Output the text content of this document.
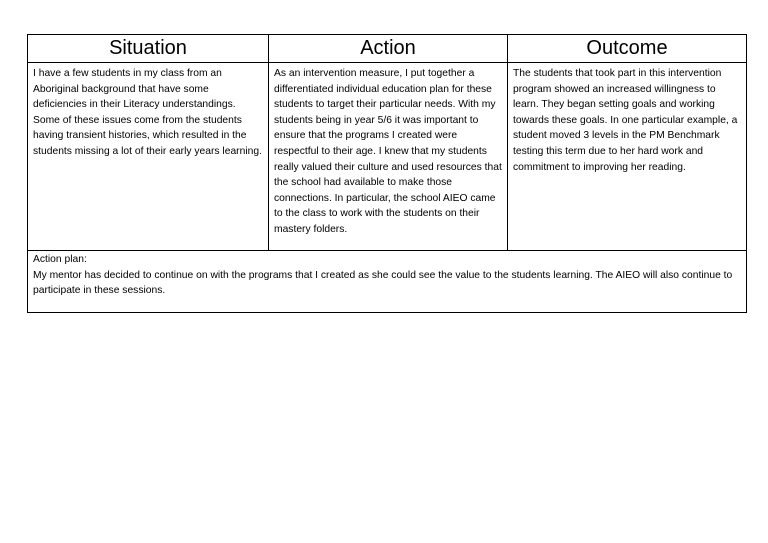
Situation	Action	Outcome
I have a few students in my class from an Aboriginal background that have some deficiencies in their Literacy understandings. Some of these issues come from the students having transient histories, which resulted in the students missing a lot of their early years learning.
As an intervention measure, I put together a differentiated individual education plan for these students to target their particular needs. With my students being in year 5/6 it was important to ensure that the programs I created were respectful to their age. I knew that my students really valued their culture and used resources that the school had available to make those connections. In particular, the school AIEO came to the class to work with the students on their mastery folders.
The students that took part in this intervention program showed an increased willingness to learn. They began setting goals and working towards these goals. In one particular example, a student moved 3 levels in the PM Benchmark testing this term due to her hard work and commitment to improving her reading.

Action plan:

My mentor has decided to continue on with the programs that I created as she could see the value to the students learning. The AIEO will also continue to participate in these sessions.
